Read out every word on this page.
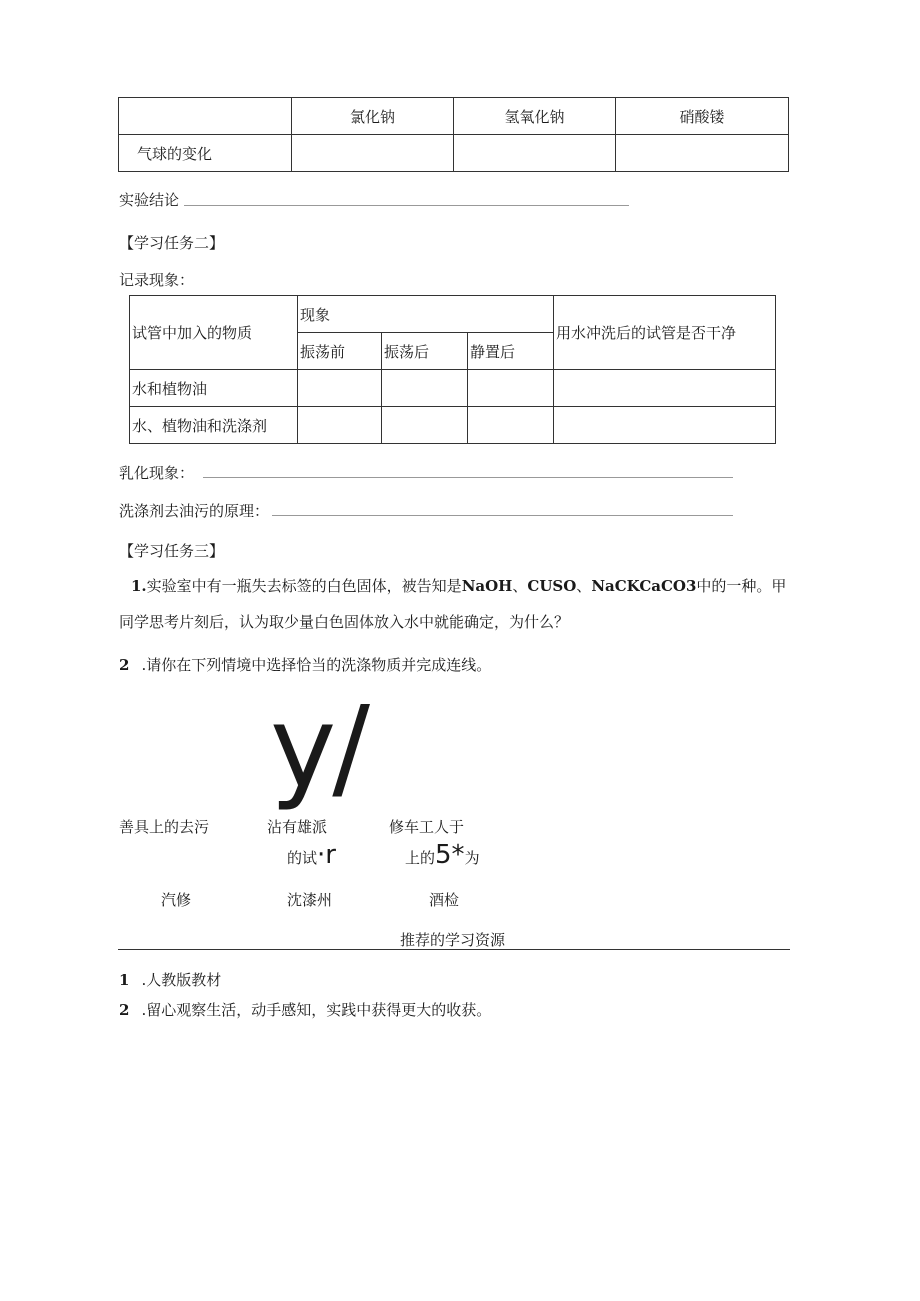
	氯化钠	氢氧化钠	硝酸镂
气球的变化			
实验结论
【学习任务二】
记录现象：
试管中加入的物质	现象			用水冲洗后的试管是否干净
	振荡前	振荡后	静置后	
水和植物油				
水、植物油和洗涤剂				
乳化现象：
洗涤剂去油污的原理：
【学习任务三】
1.实验室中有一瓶失去标签的白色固体，被告知是NaOH、CUSO、NaCKCaCO3中的一种。甲
同学思考片刻后，认为取少量白色固体放入水中就能确定，为什么？
2 .请你在下列情境中选择恰当的洗涤物质并完成连线。
y/
善具上的去污	沾有雄派	修车工人于
的试·r	上的5*为
汽修	沈漆州	酒检
推荐的学习资源
1 .人教版教材
2 .留心观察生活，动手感知，实践中获得更大的收获。
